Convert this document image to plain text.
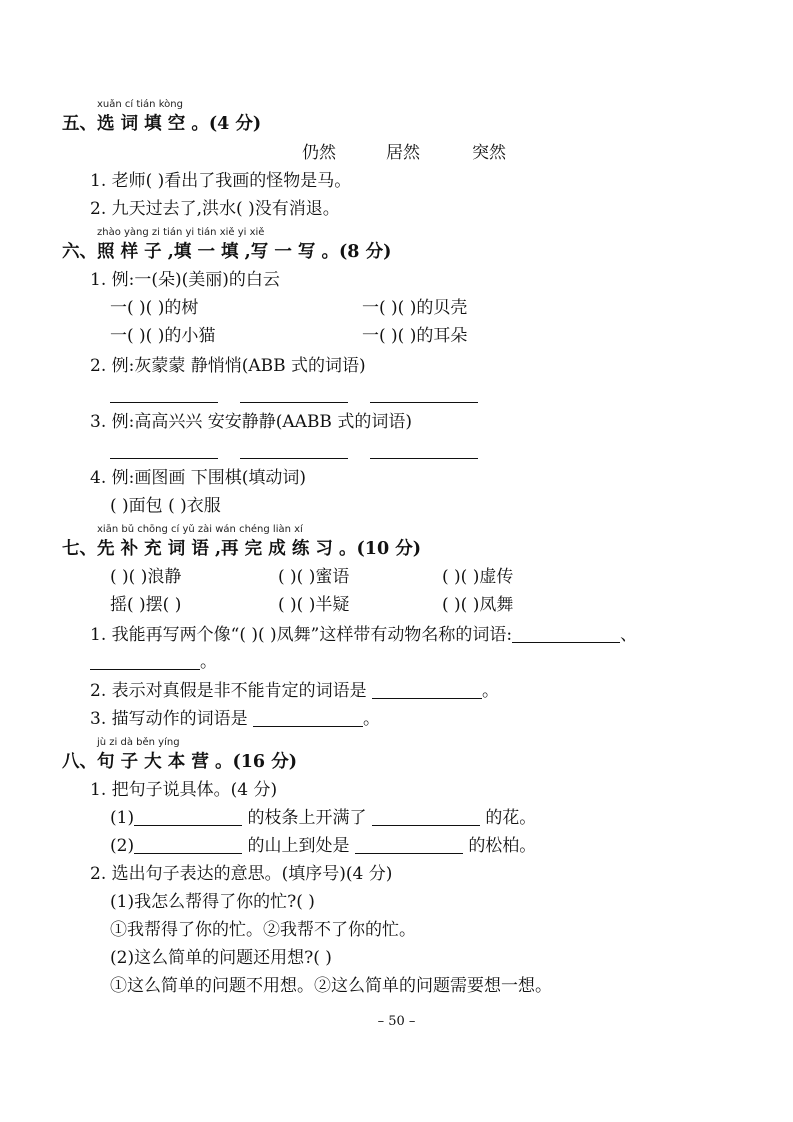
xuǎn cí tián kòng
五、选 词 填 空 。(4 分)
仍然	居然	突然
1. 老师( )看出了我画的怪物是马。
2. 九天过去了,洪水( )没有消退。
zhào yàng zi tián yi tián xiě yi xiě
六、照 样 子 ,填 一 填 ,写 一 写 。(8 分)
1. 例:一(朵)(美丽)的白云
一( )( )的树	一( )( )的贝壳
一( )( )的小猫	一( )( )的耳朵
2. 例:灰蒙蒙 静悄悄(ABB 式的词语)
3. 例:高高兴兴 安安静静(AABB 式的词语)
4. 例:画图画 下围棋(填动词)
( )面包 ( )衣服
xiān bǔ chōng cí yǔ zài wán chéng liàn xí
七、先 补 充 词 语 ,再 完 成 练 习 。(10 分)
( )( )浪静	( )( )蜜语	( )( )虚传
摇( )摆( )	( )( )半疑	( )( )凤舞
1. 我能再写两个像“( )( )凤舞”这样带有动物名称的词语:	、
。
2. 表示对真假是非不能肯定的词语是	。
3. 描写动作的词语是	。
jù zi dà běn yíng
八、句 子 大 本 营 。(16 分)
1. 把句子说具体。(4 分)
(1)	的枝条上开满了	的花。
(2)	的山上到处是	的松柏。
2. 选出句子表达的意思。(填序号)(4 分)
(1)我怎么帮得了你的忙?( )
①我帮得了你的忙。②我帮不了你的忙。
(2)这么简单的问题还用想?( )
①这么简单的问题不用想。②这么简单的问题需要想一想。
– 50 –
